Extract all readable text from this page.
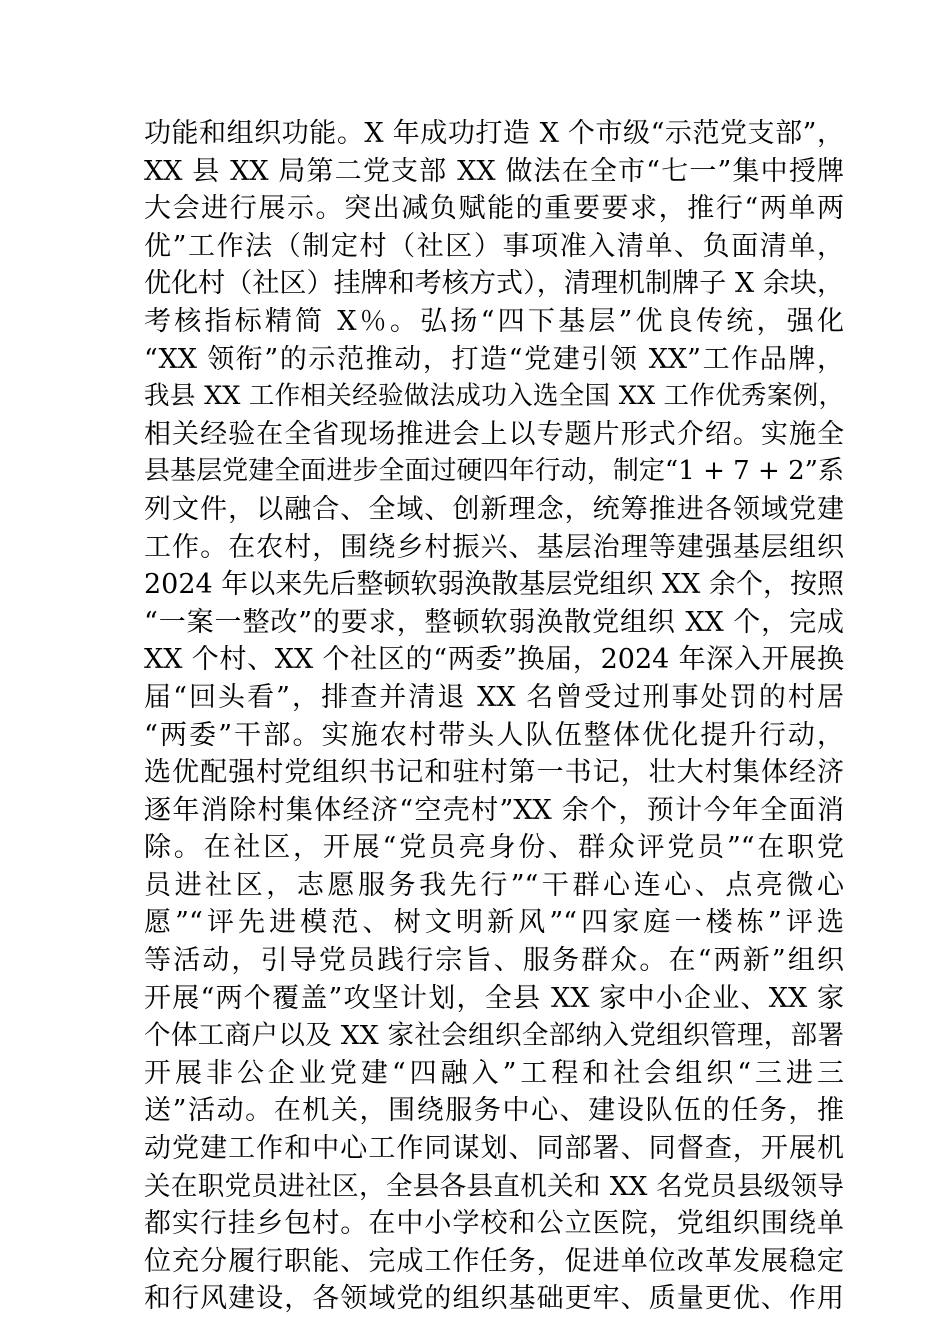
功能和组织功能。X 年成功打造 X 个市级“示范党支部”，
XX 县 XX 局第二党支部 XX 做法在全市“七一”集中授牌
大会进行展示。突出减负赋能的重要要求，推行“两单两
优”工作法（制定村（社区）事项准入清单、负面清单，
优化村（社区）挂牌和考核方式），清理机制牌子 X 余块，
考核指标精简 X％。弘扬“四下基层”优良传统，强化
“XX 领衔”的示范推动，打造“党建引领 XX”工作品牌，
我县 XX 工作相关经验做法成功入选全国 XX 工作优秀案例，
相关经验在全省现场推进会上以专题片形式介绍。实施全
县基层党建全面进步全面过硬四年行动，制定“1 + 7 + 2”系
列文件，以融合、全域、创新理念，统筹推进各领域党建
工作。在农村，围绕乡村振兴、基层治理等建强基层组织
2024 年以来先后整顿软弱涣散基层党组织 XX 余个，按照
“一案一整改”的要求，整顿软弱涣散党组织 XX 个，完成
XX 个村、XX 个社区的“两委”换届，2024 年深入开展换
届“回头看”，排查并清退 XX 名曾受过刑事处罚的村居
“两委”干部。实施农村带头人队伍整体优化提升行动，
选优配强村党组织书记和驻村第一书记，壮大村集体经济
逐年消除村集体经济“空壳村”XX 余个，预计今年全面消
除。在社区，开展“党员亮身份、群众评党员”“在职党
员进社区，志愿服务我先行”“干群心连心、点亮微心
愿”“评先进模范、树文明新风”“四家庭一楼栋”评选
等活动，引导党员践行宗旨、服务群众。在“两新”组织
开展“两个覆盖”攻坚计划，全县 XX 家中小企业、XX 家
个体工商户以及 XX 家社会组织全部纳入党组织管理，部署
开展非公企业党建“四融入”工程和社会组织“三进三
送”活动。在机关，围绕服务中心、建设队伍的任务，推
动党建工作和中心工作同谋划、同部署、同督查，开展机
关在职党员进社区，全县各县直机关和 XX 名党员县级领导
都实行挂乡包村。在中小学校和公立医院，党组织围绕单
位充分履行职能、完成工作任务，促进单位改革发展稳定
和行风建设，各领域党的组织基础更牢、质量更优、作用
